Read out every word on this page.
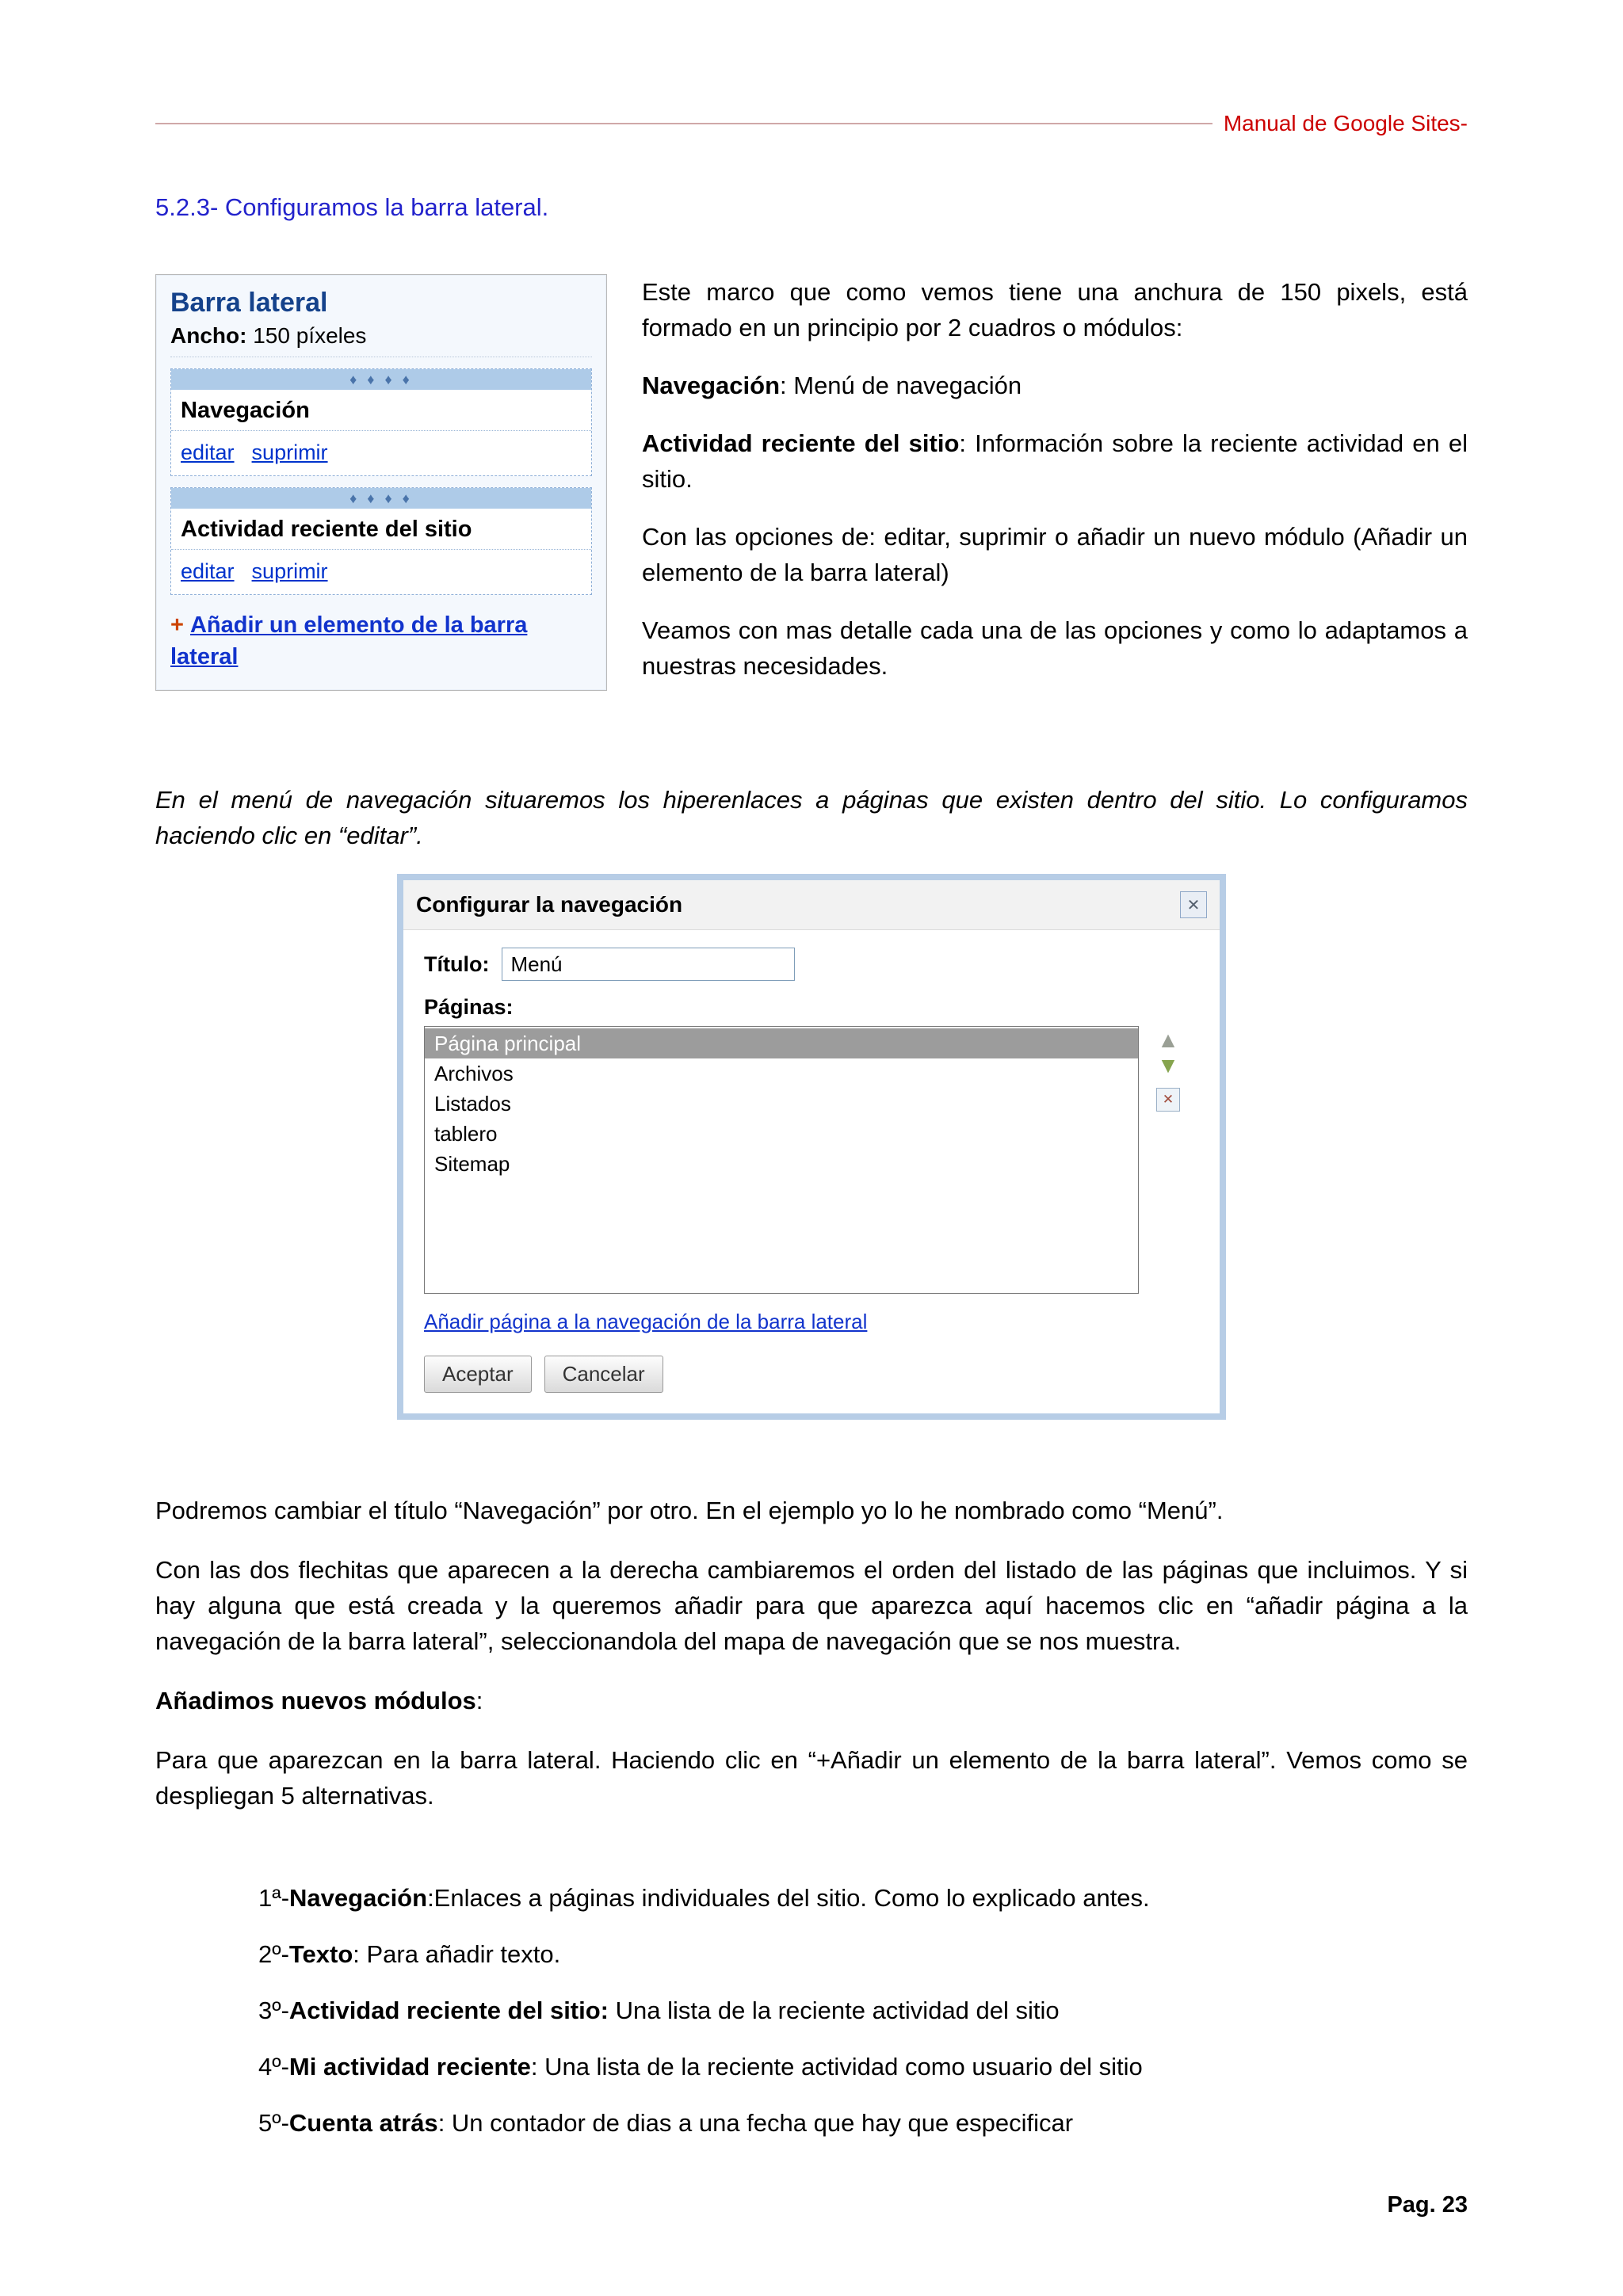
Manual de Google Sites-
5.2.3- Configuramos la barra lateral.
Barra lateral
Ancho: 150 píxeles
♦ ♦ ♦ ♦
Navegación
editar suprimir
♦ ♦ ♦ ♦
Actividad reciente del sitio
editar suprimir
+ Añadir un elemento de la barra lateral

Este marco que como vemos tiene una anchura de 150 pixels, está formado en un principio por 2 cuadros o módulos:

Navegación: Menú de navegación

Actividad reciente del sitio: Información sobre la reciente actividad en el sitio.

Con las opciones de: editar, suprimir o añadir un nuevo módulo (Añadir un elemento de la barra lateral)

Veamos con mas detalle cada una de las opciones y como lo adaptamos a nuestras necesidades.

En el menú de navegación situaremos los hiperenlaces a páginas que existen dentro del sitio. Lo configuramos haciendo clic en “editar”.

Configurar la navegación	✕
Título:
Menú
Páginas:
Página principal
Archivos
Listados
tablero
Sitemap
▲
▼
✕
Añadir página a la navegación de la barra lateral
Aceptar	Cancelar

Podremos cambiar el título “Navegación” por otro. En el ejemplo yo lo he nombrado como “Menú”.

Con las dos flechitas que aparecen a la derecha cambiaremos el orden del listado de las páginas que incluimos. Y si hay alguna que está creada y la queremos añadir para que aparezca aquí hacemos clic en “añadir página a la navegación de la barra lateral”, seleccionandola del mapa de navegación que se nos muestra.

Añadimos nuevos módulos:

Para que aparezcan en la barra lateral. Haciendo clic en “+Añadir un elemento de la barra lateral”. Vemos como se despliegan 5 alternativas.

1ª-Navegación:Enlaces a páginas individuales del sitio. Como lo explicado antes.
2º-Texto: Para añadir texto.
3º-Actividad reciente del sitio: Una lista de la reciente actividad del sitio
4º-Mi actividad reciente: Una lista de la reciente actividad como usuario del sitio
5º-Cuenta atrás: Un contador de dias a una fecha que hay que especificar
Pag. 23
